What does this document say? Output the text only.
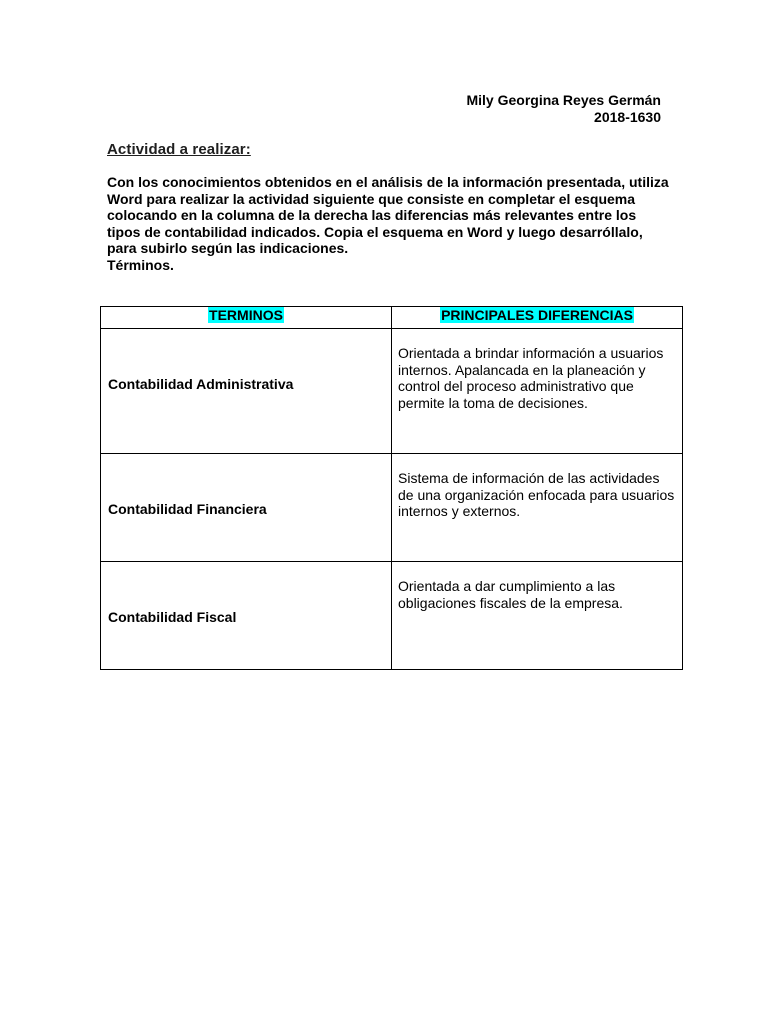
Mily Georgina Reyes Germán
2018-1630
Actividad a realizar:

Con los conocimientos obtenidos en el análisis de la información presentada, utiliza
Word para realizar la actividad siguiente que consiste en completar el esquema
colocando en la columna de la derecha las diferencias más relevantes entre los
tipos de contabilidad indicados. Copia el esquema en Word y luego desarróllalo,
para subirlo según las indicaciones.
Términos.

TERMINOS	PRINCIPALES DIFERENCIAS

Contabilidad Administrativa	Orientada a brindar información a usuarios internos. Apalancada en la planeación y control del proceso administrativo que permite la toma de decisiones.

Contabilidad Financiera	Sistema de información de las actividades de una organización enfocada para usuarios internos y externos.

Contabilidad Fiscal	Orientada a dar cumplimiento a las obligaciones fiscales de la empresa.
